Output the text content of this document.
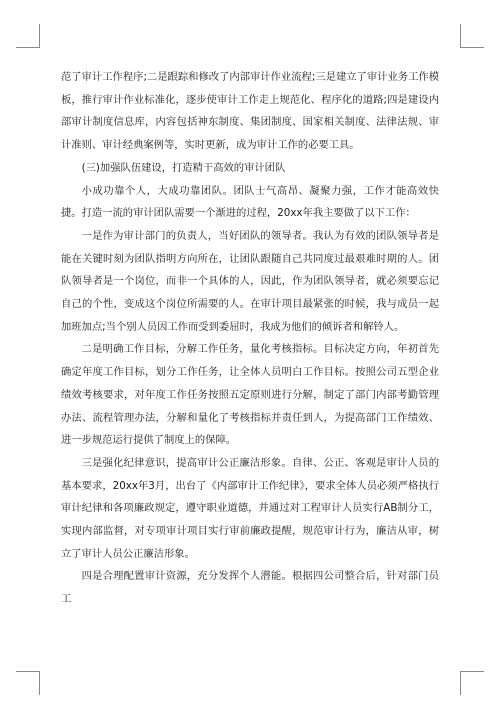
范了审计工作程序;二是跟踪和修改了内部审计作业流程;三是建立了审计业务工作模板，推行审计作业标准化，逐步使审计工作走上规范化、程序化的道路;四是建设内部审计制度信息库，内容包括神东制度、集团制度、国家相关制度、法律法规、审计准则、审计经典案例等，实时更新，成为审计工作的必要工具。

(三)加强队伍建设，打造精干高效的审计团队

小成功靠个人，大成功靠团队。团队士气高昂、凝聚力强，工作才能高效快捷。打造一流的审计团队需要一个渐进的过程，20xx年我主要做了以下工作：

一是作为审计部门的负责人，当好团队的领导者。我认为有效的团队领导者是能在关键时刻为团队指明方向所在，让团队跟随自己共同度过最艰难时期的人。团队领导者是一个岗位，而非一个具体的人，因此，作为团队领导者，就必须要忘记自己的个性，变成这个岗位所需要的人。在审计项目最紧张的时候，我与成员一起加班加点;当个别人员因工作而受到委屈时，我成为他们的倾诉者和解铃人。

二是明确工作目标，分解工作任务，量化考核指标。目标决定方向，年初首先确定年度工作目标，划分工作任务，让全体人员明白工作目标。按照公司五型企业绩效考核要求，对年度工作任务按照五定原则进行分解，制定了部门内部考勤管理办法、流程管理办法，分解和量化了考核指标并责任到人，为提高部门工作绩效、进一步规范运行提供了制度上的保障。

三是强化纪律意识，提高审计公正廉洁形象。自律、公正、客观是审计人员的基本要求，20xx年3月，出台了《内部审计工作纪律》，要求全体人员必须严格执行审计纪律和各项廉政规定，遵守职业道德，并通过对工程审计人员实行AB制分工，实现内部监督，对专项审计项目实行审前廉政提醒，规范审计行为，廉洁从审，树立了审计人员公正廉洁形象。

四是合理配置审计资源，充分发挥个人潜能。根据四公司整合后，针对部门员工
